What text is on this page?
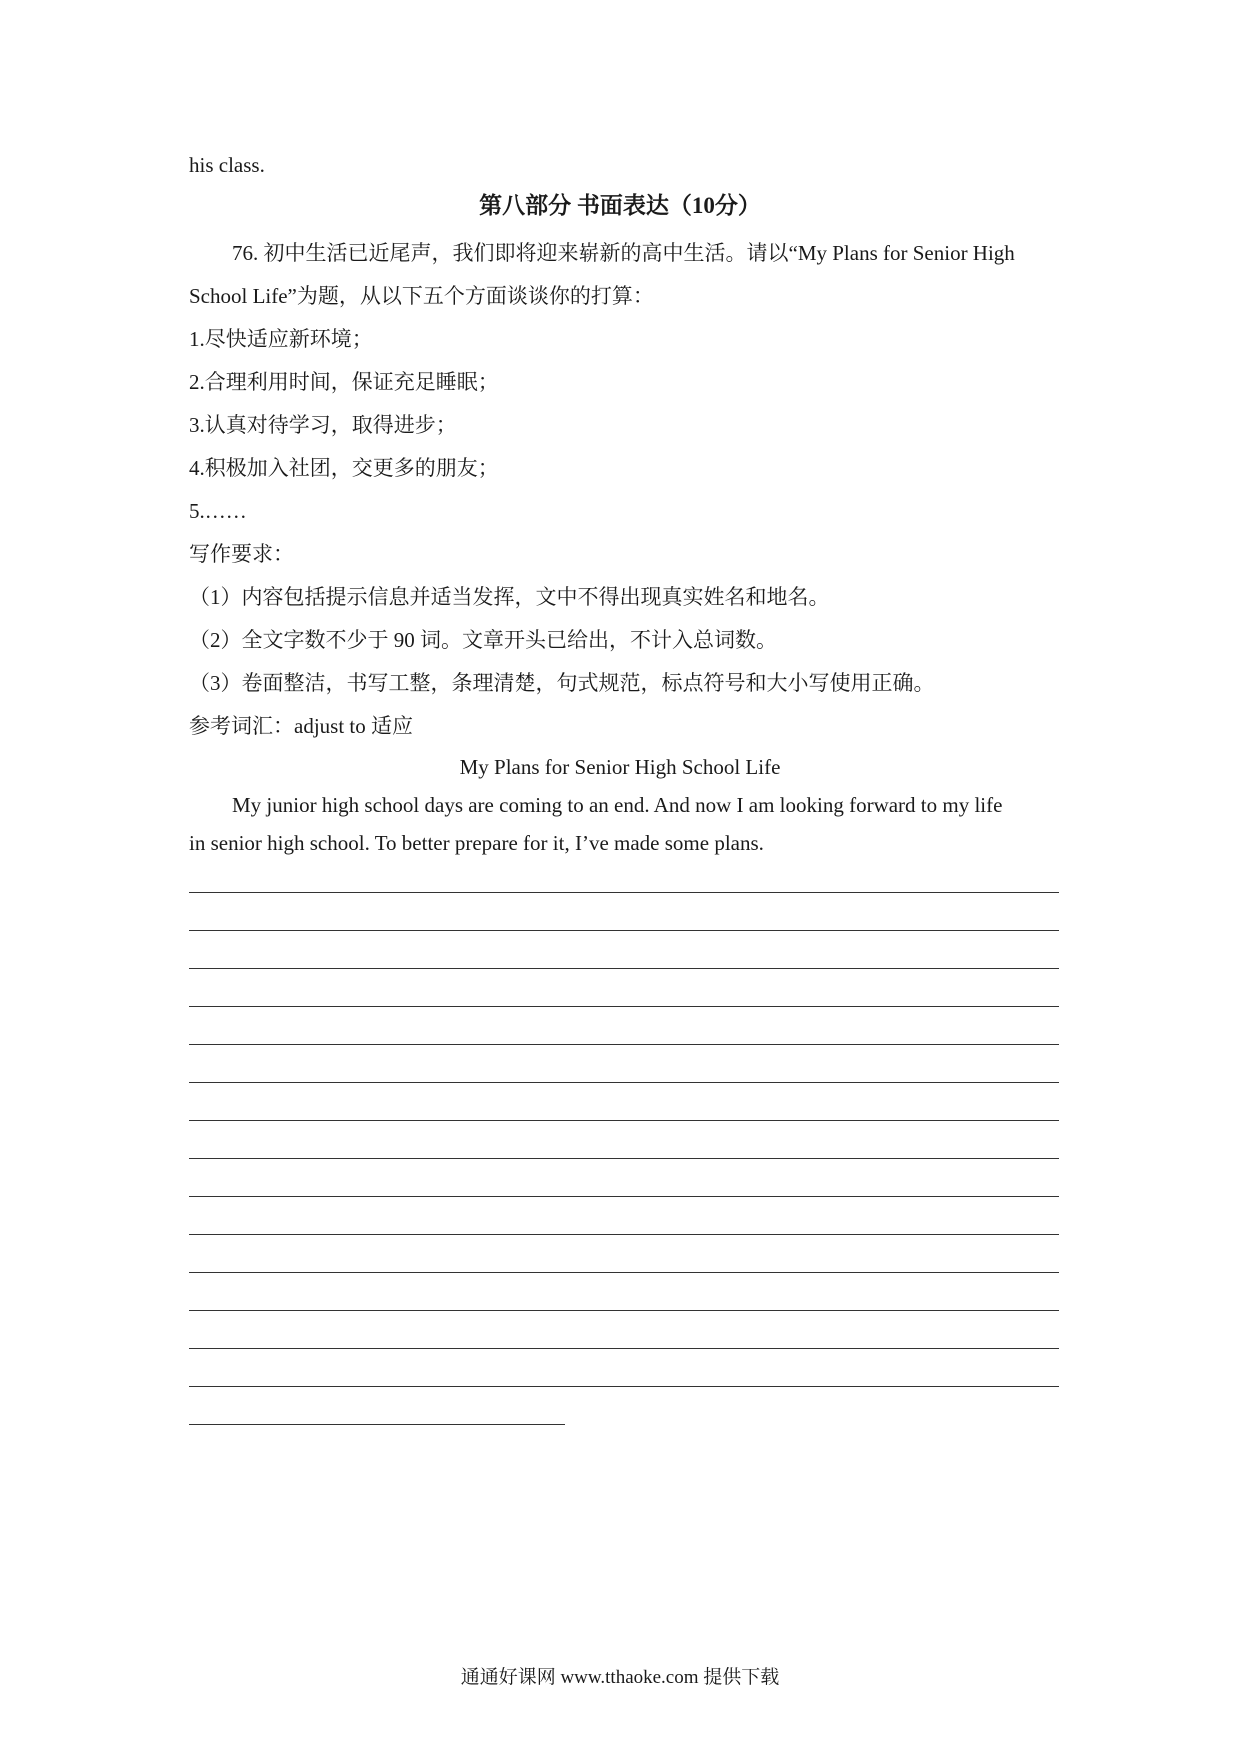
his class.
第八部分 书面表达（10分）
76. 初中生活已近尾声，我们即将迎来崭新的高中生活。请以“My Plans for Senior High
School Life”为题，从以下五个方面谈谈你的打算：
1.尽快适应新环境；
2.合理利用时间，保证充足睡眠；
3.认真对待学习，取得进步；
4.积极加入社团，交更多的朋友；
5.……
写作要求：
（1）内容包括提示信息并适当发挥，文中不得出现真实姓名和地名。
（2）全文字数不少于 90 词。文章开头已给出，不计入总词数。
（3）卷面整洁，书写工整，条理清楚，句式规范，标点符号和大小写使用正确。
参考词汇：adjust to 适应
My Plans for Senior High School Life
My junior high school days are coming to an end. And now I am looking forward to my life
in senior high school. To better prepare for it, I’ve made some plans.
通通好课网 www.tthaoke.com 提供下载
